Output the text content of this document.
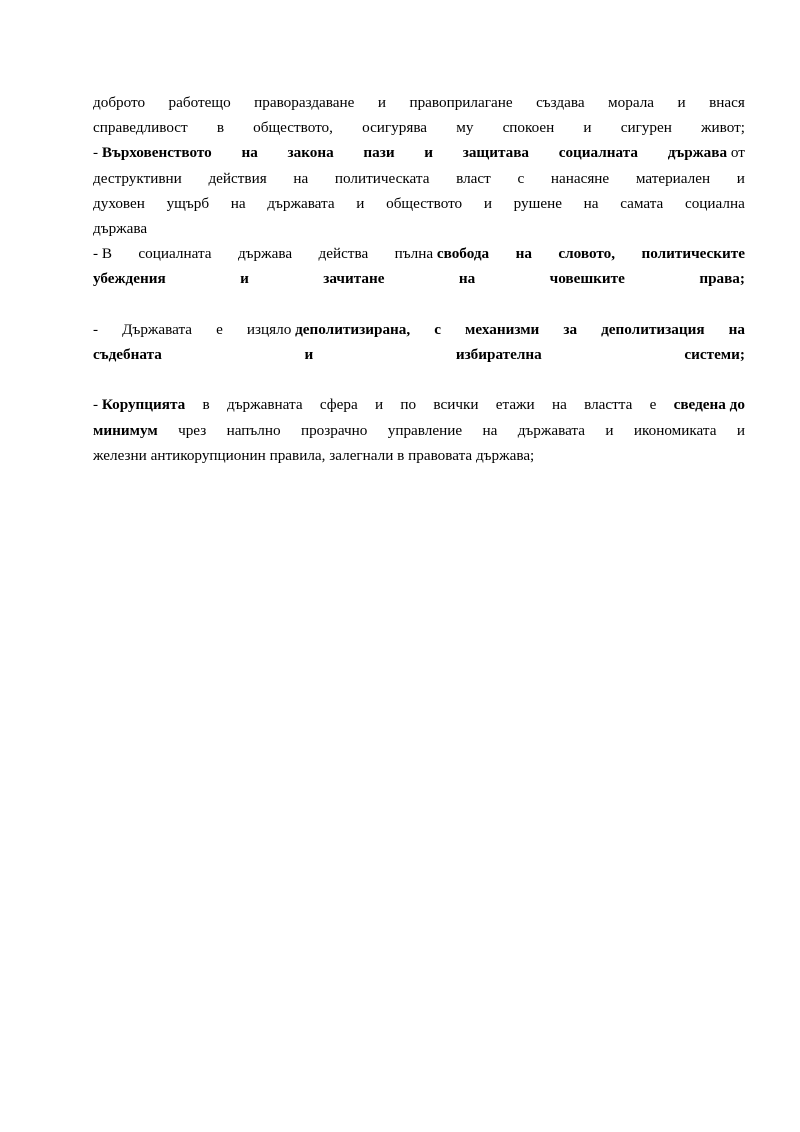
доброто работещо правораздаване и правоприлагане създава морала и внася
справедливост в обществото, осигурява му спокоен и сигурен живот;
- Върховенството на закона пази и защитава социалната държава от
деструктивни действия на политическата власт с нанасяне материален и
духовен ущърб на държавата и обществото и рушене на самата социална
държава
- В социалната държава действа пълна свобода на словото, политическите
убеждения	и	зачитане	на	човешките	права;
- Държавата е изцяло деполитизирана, с механизми за деполитизация на
съдебната	и	избирателна	системи;
- Корупцията в държавната сфера и по всички етажи на властта е сведена до
минимум чрез напълно прозрачно управление на държавата и икономиката и
железни антикорупционин правила, залегнали в правовата държава;
